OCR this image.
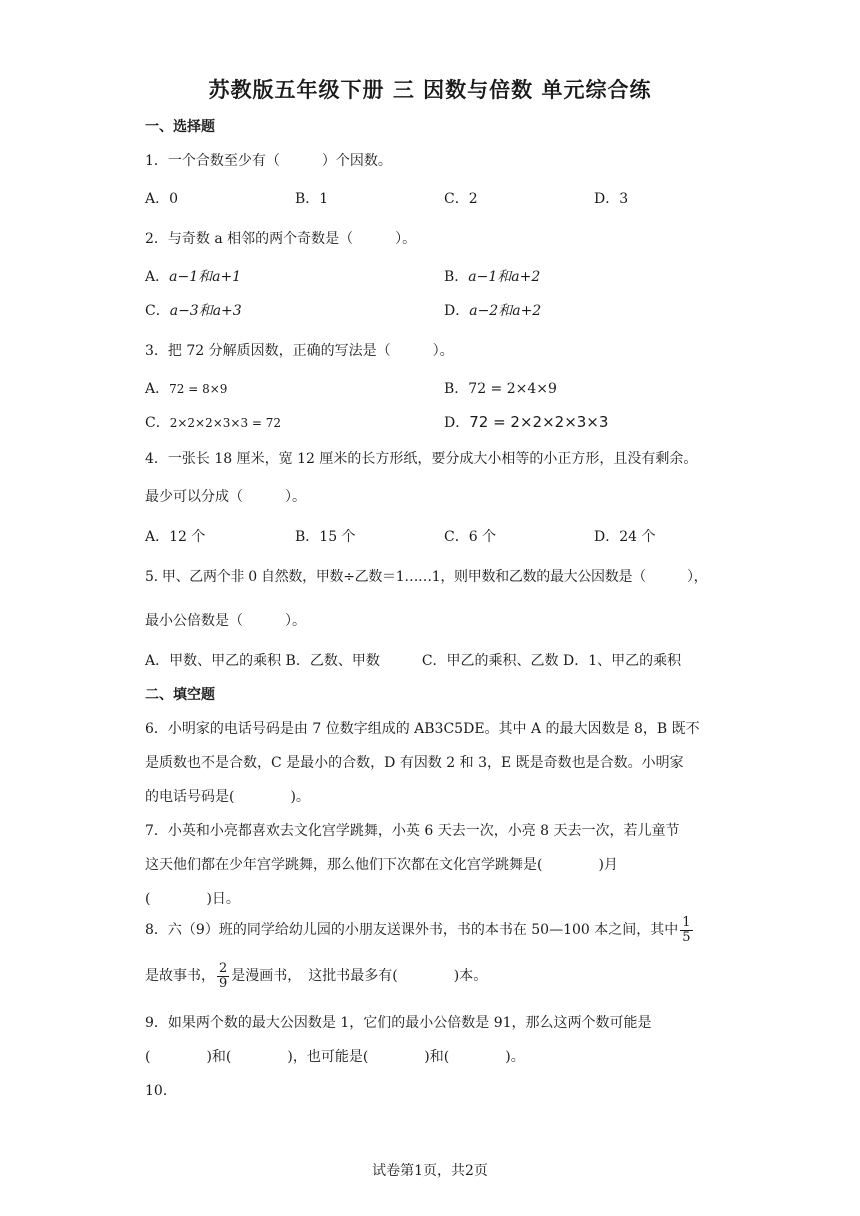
苏教版五年级下册 三 因数与倍数 单元综合练
一、选择题
1．一个合数至少有（　　　）个因数。
A．0	B．1	C．2	D．3
2．与奇数 a 相邻的两个奇数是（　　　）。
A．a−1和a+1	B．a−1和a+2
C．a−3和a+3	D．a−2和a+2
3．把 72 分解质因数，正确的写法是（　　　）。
A．72 = 8×9	B．72 = 2×4×9
C．2×2×2×3×3 = 72	D．72 = 2×2×2×3×3
4．一张长 18 厘米，宽 12 厘米的长方形纸，要分成大小相等的小正方形，且没有剩余。
最少可以分成（　　　）。
A．12 个	B．15 个	C．6 个	D．24 个
5. 甲、乙两个非 0 自然数，甲数÷乙数＝1……1，则甲数和乙数的最大公因数是（　　　），
最小公倍数是（　　　）。
A．甲数、甲乙的乘积 B．乙数、甲数　　　C．甲乙的乘积、乙数 D．1、甲乙的乘积
二、填空题
6．小明家的电话号码是由 7 位数字组成的 AB3C5DE。其中 A 的最大因数是 8，B 既不
是质数也不是合数，C 是最小的合数，D 有因数 2 和 3，E 既是奇数也是合数。小明家
的电话号码是(　　　　)。
7．小英和小亮都喜欢去文化宫学跳舞，小英 6 天去一次，小亮 8 天去一次，若儿童节
这天他们都在少年宫学跳舞，那么他们下次都在文化宫学跳舞是(　　　　)月
(　　　　)日。
8．六（9）班的同学给幼儿园的小朋友送课外书，书的本书在 50—100 本之间，其中 $\frac{1}{5}$
是故事书， $\frac{2}{9}$ 是漫画书，　这批书最多有(　　　　)本。
9．如果两个数的最大公因数是 1，它们的最小公倍数是 91，那么这两个数可能是
(　　　　)和(　　　　)，也可能是(　　　　)和(　　　　)。
10．
试卷第1页，共2页
